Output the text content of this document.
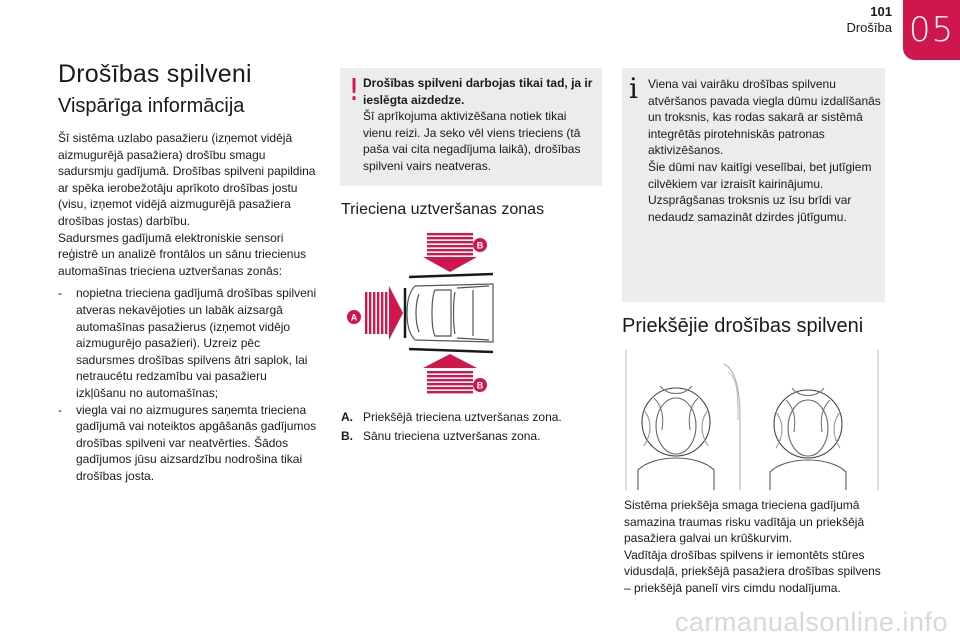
101
Drošība 05
Drošības spilveni
Vispārīga informācija

Šī sistēma uzlabo pasažieru (izņemot vidējā aizmugurējā pasažiera) drošību smagu sadursmju gadījumā. Drošības spilveni papildina ar spēka ierobežotāju aprīkoto drošības jostu (visu, izņemot vidējā aizmugurējā pasažiera drošības jostas) darbību.

Sadursmes gadījumā elektroniskie sensori reģistrē un analizē frontālos un sānu triecienus automašīnas triecienа uztveršanas zonās:

-	nopietna trieciena gadījumā drošības spilveni atveras nekavējoties un labāk aizsargā automašīnas pasažierus (izņemot vidējo aizmugurējo pasažieri). Uzreiz pēc sadursmes drošības spilvens ātri saplok, lai netraucētu redzamību vai pasažieru izkļūšanu no automašīnas;
-	viegla vai no aizmugures saņemta trieciena gadījumā vai noteiktos apgāšanās gadījumos drošības spilveni var neatvērties. Šādos gadījumos jūsu aizsardzību nodrošina tikai drošības josta.
! Drošības spilveni darbojas tikai tad, ja ir ieslēgta aizdedze.
Šī aprīkojuma aktivizēšana notiek tikai vienu reizi. Ja seko vēl viens trieciens (tā paša vai cita negadījuma laikā), drošības spilveni vairs neatveras.
Trieciena uztveršanas zonas
B
A
B
A. Priekšējā trieciena uztveršanas zona.
B. Sānu trieciena uztveršanas zona.
i Viena vai vairāku drošības spilvenu atvēršanos pavada viegla dūmu izdalīšanās un troksnis, kas rodas sakarā ar sistēmā integrētās pirotehniskās patronas aktivizēšanos.

Šie dūmi nav kaitīgi veselībai, bet jutīgiem cilvēkiem var izraisīt kairinājumu.

Uzsprāgšanas troksnis uz īsu brīdi var nedaudz samazināt dzirdes jūtīgumu.

Priekšējie drošības spilveni

Sistēma priekšēja smaga trieciena gadījumā samazina traumas risku vadītāja un priekšējā pasažiera galvai un krūškurvim.

Vadītāja drošības spilvens ir iemontēts stūres vidusdaļā, priekšējā pasažiera drošības spilvens – priekšējā panelī virs cimdu nodalījuma.

carmanualsonline.info
